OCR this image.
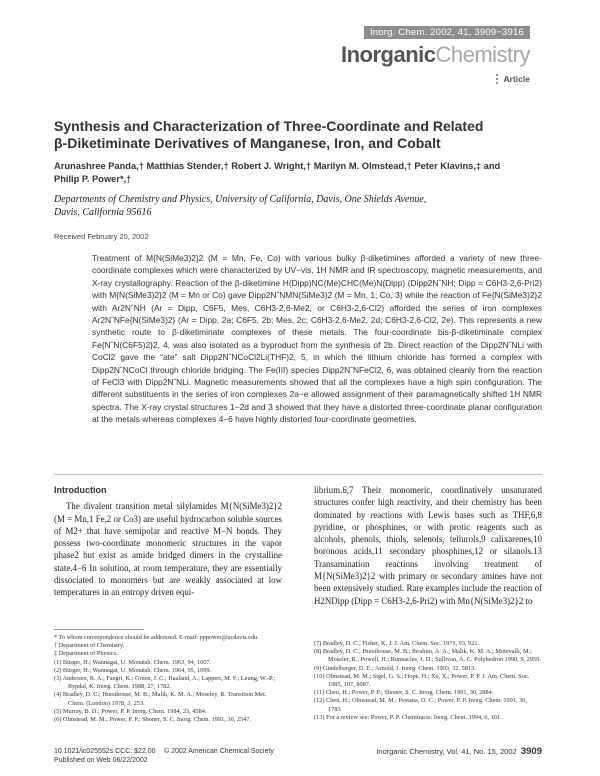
Inorg. Chem. 2002, 41, 3909−3916
InorganicChemistry
Article
Synthesis and Characterization of Three-Coordinate and Related
β-Diketiminate Derivatives of Manganese, Iron, and Cobalt
Arunashree Panda,† Matthias Stender,† Robert J. Wright,† Marilyn M. Olmstead,† Peter Klavins,‡ and
Philip P. Power*,†
Departments of Chemistry and Physics, University of California, Davis, One Shields Avenue,
Davis, California 95616
Received February 20, 2002
Treatment of M{N(SiMe3)2}2 (M = Mn, Fe, Co) with various bulky β-diketimines afforded a variety of new three-coordinate complexes which were characterized by UV−vis, 1H NMR and IR spectroscopy, magnetic measurements, and X-ray crystallography. Reaction of the β-diketimine H(Dipp)NC(Me)CHC(Me)N(Dipp) (Dipp2NˆNH; Dipp = C6H3-2,6-Pri2) with M{N(SiMe3)2}2 (M = Mn or Co) gave Dipp2NˆNMN(SiMe3)2 (M = Mn, 1; Co, 3) while the reaction of Fe{N(SiMe3)2}2 with Ar2NˆNH (Ar = Dipp, C6F5, Mes, C6H3-2,6-Me2, or C6H3-2,6-Cl2) afforded the series of iron complexes Ar2NˆNFe{N(SiMe3)2} (Ar = Dipp, 2a; C6F5, 2b; Mes, 2c; C6H3-2,6-Me2, 2d; C6H3-2,6-Cl2, 2e). This represents a new synthetic route to β-diketiminate complexes of these metals. The four-coordinate bis-β-diketiminate complex Fe{NˆN(C6F5)2}2, 4, was also isolated as a byproduct from the synthesis of 2b. Direct reaction of the Dipp2NˆNLi with CoCl2 gave the “ate” salt Dipp2NˆNCoCl2Li(THF)2, 5, in which the lithium chloride has formed a complex with Dipp2NˆNCoCl through chloride bridging. The Fe(III) species Dipp2NˆNFeCl2, 6, was obtained cleanly from the reaction of FeCl3 with Dipp2NˆNLi. Magnetic measurements showed that all the complexes have a high spin configuration. The different substituents in the series of iron complexes 2a−e allowed assignment of their paramagnetically shifted 1H NMR spectra. The X-ray crystal structures 1−2d and 3 showed that they have a distorted three-coordinate planar configuration at the metals whereas complexes 4−6 have highly distorted four-coordinate geometries.
Introduction

The divalent transition metal silylamides M{N(SiMe3)2}2 (M = Mn,1 Fe,2 or Co3) are useful hydrocarbon soluble sources of M2+ that have semipolar and reactive M−N bonds. They possess two-coordinate monomeric structures in the vapor phase2 but exist as amide bridged dimers in the crystalline state.4−6 In solution, at room temperature, they are essentially dissociated to monomers but are weakly associated at low temperatures in an entropy driven equi-

librium.6,7 Their monomeric, coordinatively unsaturated structures confer high reactivity, and their chemistry has been dominated by reactions with Lewis bases such as THF,6,8 pyridine, or phosphines, or with protic reagents such as alcohols, phenols, thiols, selenols, tellurols,9 calixarenes,10 boronous acids,11 secondary phosphines,12 or silanols.13 Transamination reactions involving treatment of M{N(SiMe3)2}2 with primary or secondary amines have not been extensively studied. Rare examples include the reaction of H2NDipp (Dipp = C6H3-2,6-Pri2) with Mn{N(SiMe3)2}2 to

* To whom correspondence should be addressed. E-mail: pppower@ucdavis.edu.
† Department of Chemistry.
‡ Department of Physics.
(1) Bürger, H.; Wannagat, U. Monatsh. Chem. 1963, 94, 1007.
(2) Bürger, H.; Wannagat, U. Monatsh. Chem. 1964, 95, 1099.
(3) Andersen, R. A.; Faegri, K.; Green, J. C.; Haaland, A.; Lappert, M. F.; Leung, W.-P.; Rypdal, K. Inorg. Chem. 1988, 27, 1782.
(4) Bradley, D. C.; Hursthouse, M. B.; Malik, K. M. A.; Moseley, R. Transition Met. Chem. (London) 1978, 3, 253.
(5) Murray, B. D.; Power, P. P. Inorg. Chem. 1984, 23, 4584.
(6) Olmstead, M. M.; Power, P. P.; Shoner, S. C. Inorg. Chem. 1991, 30, 2547.
(7) Bradley, D. C.; Fisher, K. J. J. Am. Chem. Soc. 1971, 93, 921.
(8) Bradley, D. C.; Hursthouse, M. B.; Ibrahim, A. A.; Malik, K. M. A.; Motevalli, M.; Moseler, R.; Powell, H.; Runnacles, J. D.; Sullivan, A. C. Polyhedron 1990, 9, 2959.
(9) Gindelberger, D. E.; Arnold, J. Inorg. Chem. 1993, 32, 5813.
(10) Olmstead, M. M.; Sigel, G. S.; Hope, H.; Xu, X.; Power, P. P. J. Am. Chem. Soc. 1985, 107, 8087.
(11) Chen, H.; Power, P. P.; Shoner, S. C. Inorg. Chem. 1991, 30, 2884.
(12) Chen, H.; Olmstead, M. M.; Pestana, D. C.; Power, P. P. Inorg. Chem. 1991, 30, 1783.
(13) For a review see: Power, P. P. Chemtracts: Inorg. Chem. 1994, 6, 101.
10.1021/ic025552s CCC: $22.00
Published on Web 06/22/2002
© 2002 American Chemical Society	Inorganic Chemistry, Vol. 41, No. 15, 2002 3909
